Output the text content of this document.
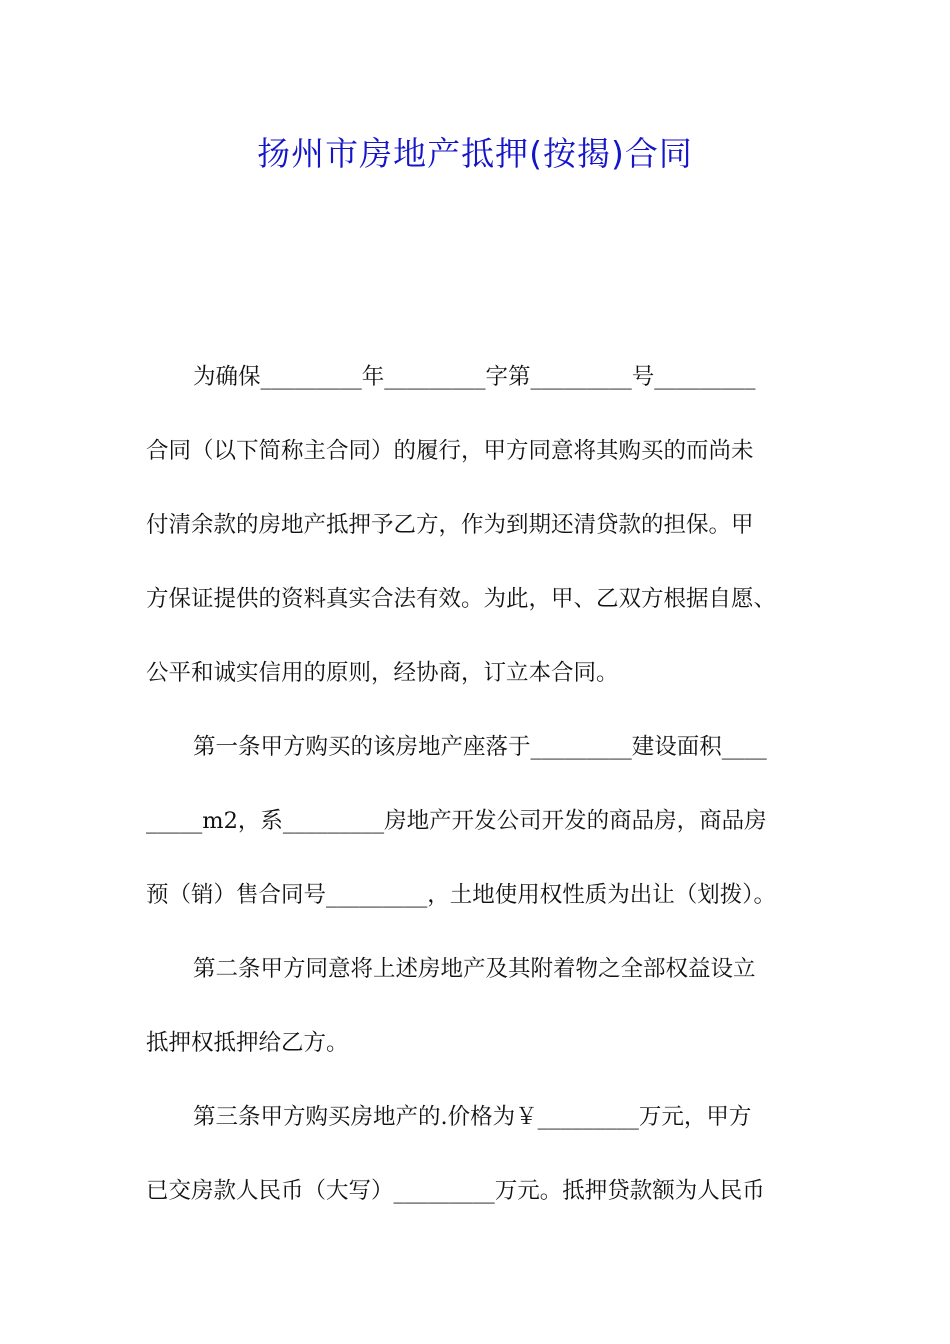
扬州市房地产抵押(按揭)合同
为确保_________年_________字第_________号_________
合同（以下简称主合同）的履行，甲方同意将其购买的而尚未
付清余款的房地产抵押予乙方，作为到期还清贷款的担保。甲
方保证提供的资料真实合法有效。为此，甲、乙双方根据自愿、
公平和诚实信用的原则，经协商，订立本合同。
第一条甲方购买的该房地产座落于_________建设面积____
_____m2，系_________房地产开发公司开发的商品房，商品房
预（销）售合同号_________，土地使用权性质为出让（划拨）。
第二条甲方同意将上述房地产及其附着物之全部权益设立
抵押权抵押给乙方。
第三条甲方购买房地产的.价格为￥_________万元，甲方
已交房款人民币（大写）_________万元。抵押贷款额为人民币
